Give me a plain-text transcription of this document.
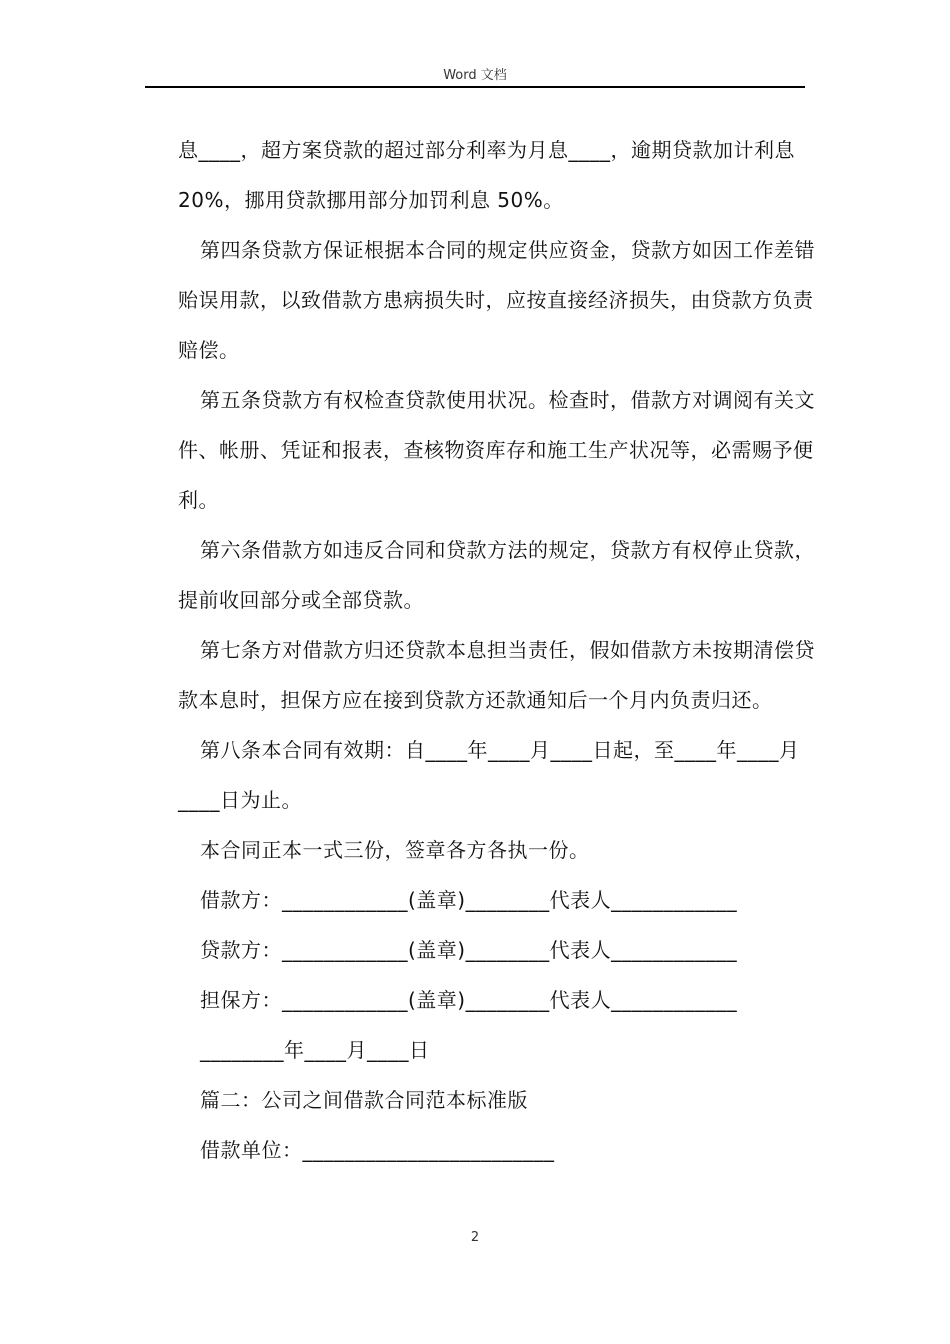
Word 文档

息____，超方案贷款的超过部分利率为月息____，逾期贷款加计利息 20%，挪用贷款挪用部分加罚利息 50%。

第四条贷款方保证根据本合同的规定供应资金，贷款方如因工作差错贻误用款，以致借款方患病损失时，应按直接经济损失，由贷款方负责赔偿。

第五条贷款方有权检查贷款使用状况。检查时，借款方对调阅有关文件、帐册、凭证和报表，查核物资库存和施工生产状况等，必需赐予便利。

第六条借款方如违反合同和贷款方法的规定，贷款方有权停止贷款，提前收回部分或全部贷款。

第七条方对借款方归还贷款本息担当责任，假如借款方未按期清偿贷款本息时，担保方应在接到贷款方还款通知后一个月内负责归还。

第八条本合同有效期：自____年____月____日起，至____年____月____日为止。

本合同正本一式三份，签章各方各执一份。

借款方：____________(盖章)________代表人____________

贷款方：____________(盖章)________代表人____________

担保方：____________(盖章)________代表人____________

________年____月____日

篇二：公司之间借款合同范本标准版

借款单位：________________________

2
